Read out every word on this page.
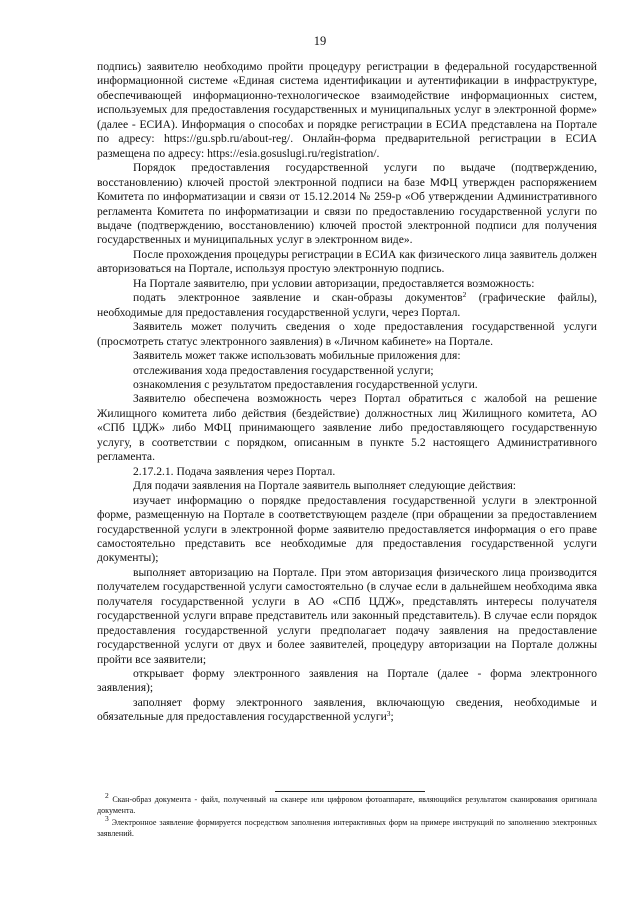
19

подпись) заявителю необходимо пройти процедуру регистрации в федеральной государственной информационной системе «Единая система идентификации и аутентификации в инфраструктуре, обеспечивающей информационно-технологическое взаимодействие информационных систем, используемых для предоставления государственных и муниципальных услуг в электронной форме» (далее - ЕСИА). Информация о способах и порядке регистрации в ЕСИА представлена на Портале по адресу: https://gu.spb.ru/about-reg/. Онлайн-форма предварительной регистрации в ЕСИА размещена по адресу: https://esia.gosuslugi.ru/registration/.

Порядок предоставления государственной услуги по выдаче (подтверждению, восстановлению) ключей простой электронной подписи на базе МФЦ утвержден распоряжением Комитета по информатизации и связи от 15.12.2014 № 259-р «Об утверждении Административного регламента Комитета по информатизации и связи по предоставлению государственной услуги по выдаче (подтверждению, восстановлению) ключей простой электронной подписи для получения государственных и муниципальных услуг в электронном виде».

После прохождения процедуры регистрации в ЕСИА как физического лица заявитель должен авторизоваться на Портале, используя простую электронную подпись.

На Портале заявителю, при условии авторизации, предоставляется возможность:

подать электронное заявление и скан-образы документов$^2$ (графические файлы), необходимые для предоставления государственной услуги, через Портал.

Заявитель может получить сведения о ходе предоставления государственной услуги (просмотреть статус электронного заявления) в «Личном кабинете» на Портале.

Заявитель может также использовать мобильные приложения для:

отслеживания хода предоставления государственной услуги;

ознакомления с результатом предоставления государственной услуги.

Заявителю обеспечена возможность через Портал обратиться с жалобой на решение Жилищного комитета либо действия (бездействие) должностных лиц Жилищного комитета, АО «СПб ЦДЖ» либо МФЦ принимающего заявление либо предоставляющего государственную услугу, в соответствии с порядком, описанным в пункте 5.2 настоящего Административного регламента.

2.17.2.1. Подача заявления через Портал.

Для подачи заявления на Портале заявитель выполняет следующие действия:

изучает информацию о порядке предоставления государственной услуги в электронной форме, размещенную на Портале в соответствующем разделе (при обращении за предоставлением государственной услуги в электронной форме заявителю предоставляется информация о его праве самостоятельно представить все необходимые для предоставления государственной услуги документы);

выполняет авторизацию на Портале. При этом авторизация физического лица производится получателем государственной услуги самостоятельно (в случае если в дальнейшем необходима явка получателя государственной услуги в АО «СПб ЦДЖ», представлять интересы получателя государственной услуги вправе представитель или законный представитель). В случае если порядок предоставления государственной услуги предполагает подачу заявления на предоставление государственной услуги от двух и более заявителей, процедуру авторизации на Портале должны пройти все заявители;

открывает форму электронного заявления на Портале (далее - форма электронного заявления);

заполняет форму электронного заявления, включающую сведения, необходимые и обязательные для предоставления государственной услуги$^3$;

$^2$ Скан-образ документа - файл, полученный на сканере или цифровом фотоаппарате, являющийся результатом сканирования оригинала документа.

$^3$ Электронное заявление формируется посредством заполнения интерактивных форм на примере инструкций по заполнению электронных заявлений.
